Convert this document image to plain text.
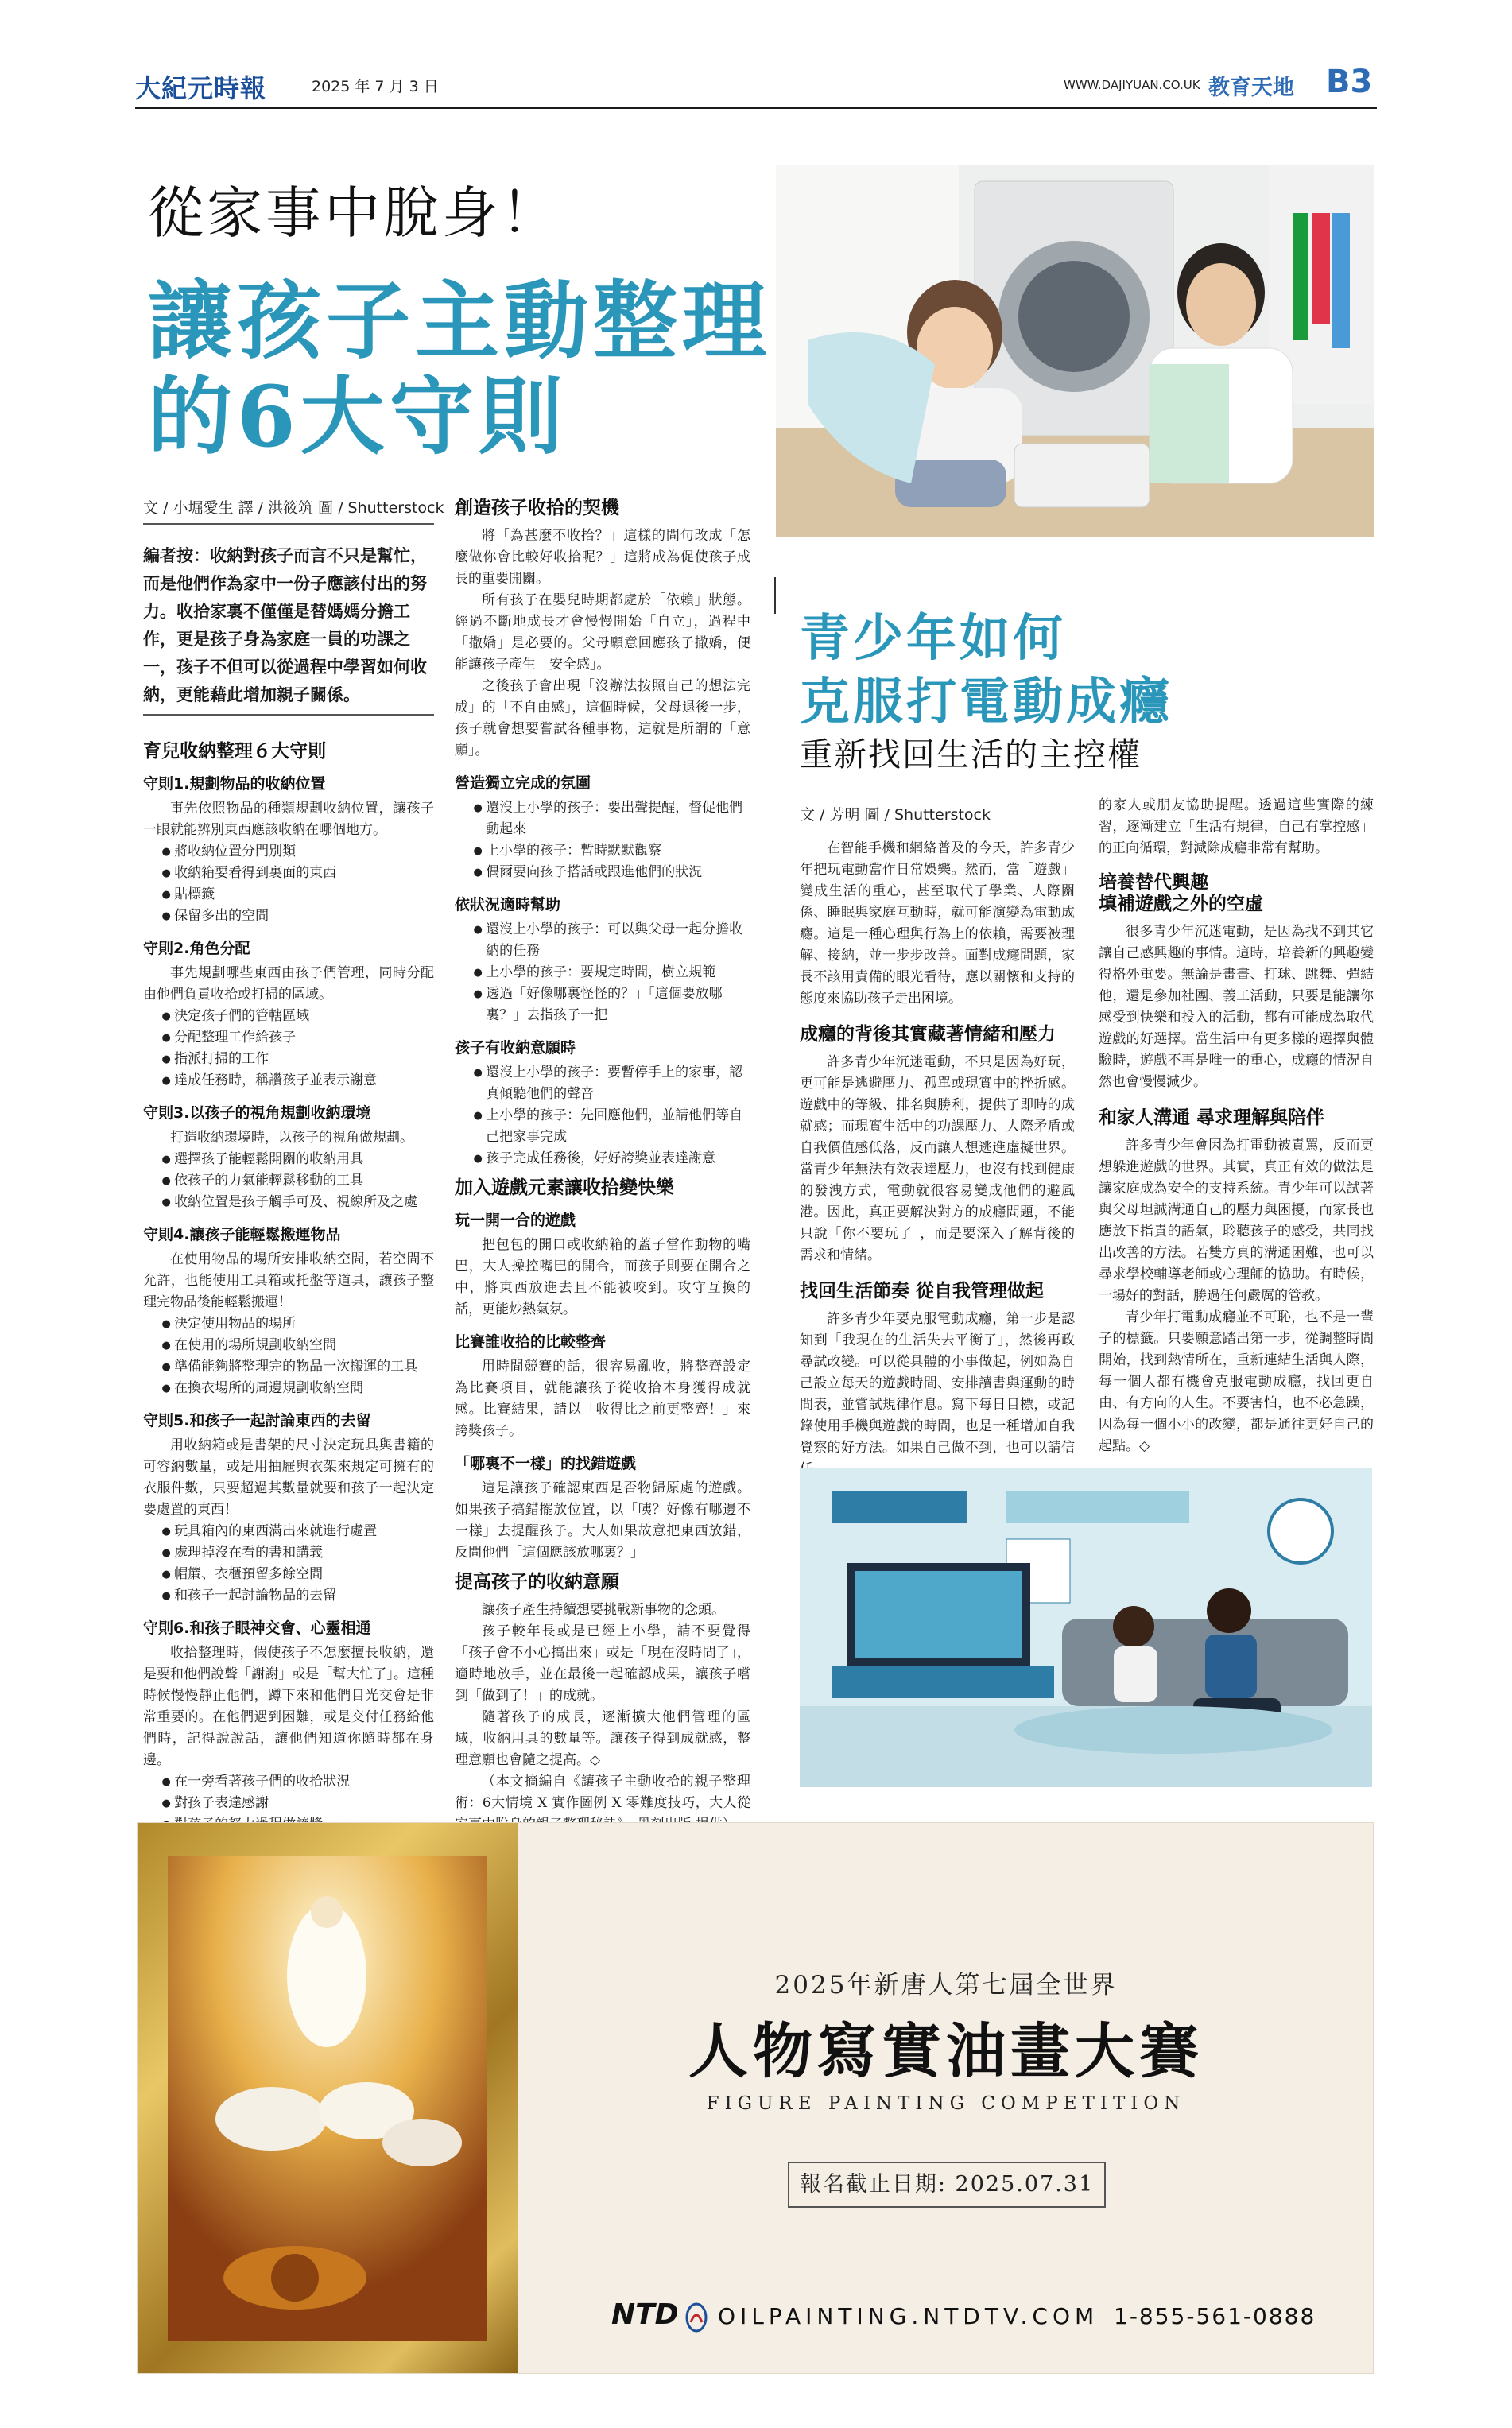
大紀元時報	2025 年 7 月 3 日	WWW.DAJIYUAN.CO.UK 教育天地 B3
從家事中脫身！
讓孩子主動整理
的6大守則
文 / 小堀愛生 譯 / 洪筱筑 圖 / Shutterstock
編者按：收納對孩子而言不只是幫忙，而是他們作為家中一份子應該付出的努力。收拾家裏不僅僅是替媽媽分擔工作，更是孩子身為家庭一員的功課之一，孩子不但可以從過程中學習如何收納，更能藉此增加親子關係。
育兒收納整理６大守則
守則1.規劃物品的收納位置

事先依照物品的種類規劃收納位置，讓孩子一眼就能辨別東西應該收納在哪個地方。

● 將收納位置分門別類
● 收納箱要看得到裏面的東西
● 貼標籤
● 保留多出的空間
守則2.角色分配

事先規劃哪些東西由孩子們管理，同時分配由他們負責收拾或打掃的區域。

● 決定孩子們的管轄區域
● 分配整理工作給孩子
● 指派打掃的工作
● 達成任務時，稱讚孩子並表示謝意
守則3.以孩子的視角規劃收納環境

打造收納環境時，以孩子的視角做規劃。

● 選擇孩子能輕鬆開關的收納用具
● 依孩子的力氣能輕鬆移動的工具
● 收納位置是孩子觸手可及、視線所及之處
守則4.讓孩子能輕鬆搬運物品

在使用物品的場所安排收納空間，若空間不允許，也能使用工具箱或托盤等道具，讓孩子整理完物品後能輕鬆搬運！

● 決定使用物品的場所
● 在使用的場所規劃收納空間
● 準備能夠將整理完的物品一次搬運的工具
● 在換衣場所的周邊規劃收納空間
守則5.和孩子一起討論東西的去留

用收納箱或是書架的尺寸決定玩具與書籍的可容納數量，或是用抽屜與衣架來規定可擁有的衣服件數，只要超過其數量就要和孩子一起決定要處置的東西！

● 玩具箱內的東西滿出來就進行處置
● 處理掉沒在看的書和講義
● 帽簾、衣櫃預留多餘空間
● 和孩子一起討論物品的去留
守則6.和孩子眼神交會、心靈相通

收拾整理時，假使孩子不怎麼擅長收納，還是要和他們說聲「謝謝」或是「幫大忙了」。這種時候慢慢靜止他們，蹲下來和他們目光交會是非常重要的。在他們遇到困難，或是交付任務給他們時，記得說說話，讓他們知道你隨時都在身邊。

● 在一旁看著孩子們的收拾狀況
● 對孩子表達感謝
●
●
創造孩子收拾的契機

將「為甚麼不收拾？」這樣的問句改成「怎麼做你會比較好收拾呢？」這將成為促使孩子成長的重要開關。

所有孩子在嬰兒時期都處於「依賴」狀態。經過不斷地成長才會慢慢開始「自立」，過程中「撒嬌」是必要的。父母願意回應孩子撒嬌，便能讓孩子產生「安全感」。

之後孩子會出現「沒辦法按照自己的想法完成」的「不自由感」，這個時候，父母退後一步，孩子就會想要嘗試各種事物，這就是所謂的「意願」。

營造獨立完成的氛圍
● 還沒上小學的孩子：要出聲提醒，督促他們動起來
● 上小學的孩子：暫時默默觀察
● 偶爾要向孩子搭話或跟進他們的狀況
依狀況適時幫助
● 還沒上小學的孩子：可以與父母一起分擔收納的任務
● 上小學的孩子：要規定時間，樹立規範
● 透過「好像哪裏怪怪的？」「這個要放哪裏？」去指孩子一把
孩子有收納意願時
● 還沒上小學的孩子：要暫停手上的家事，認真傾聽他們的聲音
● 上小學的孩子：先回應他們，並請他們等自己把家事完成
● 孩子完成任務後，好好誇獎並表達謝意
加入遊戲元素讓收拾變快樂
玩一開一合的遊戲

把包包的開口或收納箱的蓋子當作動物的嘴巴，大人操控嘴巴的開合，而孩子則要在開合之中，將東西放進去且不能被咬到。攻守互換的話，更能炒熱氣氛。

比賽誰收拾的比較整齊

用時間競賽的話，很容易亂收，將整齊設定為比賽項目，就能讓孩子從收拾本身獲得成就感。比賽結果，請以「收得比之前更整齊！」來誇獎孩子。

「哪裏不一樣」的找錯遊戲

這是讓孩子確認東西是否物歸原處的遊戲。如果孩子搞錯擺放位置，以「咦？好像有哪邊不一樣」去提醒孩子。大人如果故意把東西放錯，反問他們「這個應該放哪裏？」

提高孩子的收納意願

讓孩子產生持續想要挑戰新事物的念頭。

孩子較年長或是已經上小學，請不要覺得「孩子會不小心搞出來」或是「現在沒時間了」，適時地放手，並在最後一起確認成果，讓孩子嚐到「做到了！」的成就。

隨著孩子的成長，逐漸擴大他們管理的區域，收納用具的數量等。讓孩子得到成就感，整理意願也會隨之提高。◇

（本文摘編自《讓孩子主動收拾的親子整理術：6大情境 X 實作圖例 X 零難度技巧，大人從

青少年如何
克服打電動成癮
重新找回生活的主控權
文 / 芳明 圖 / Shutterstock

在智能手機和網絡普及的今天，許多青少年把玩電動當作日常娛樂。然而，當「遊戲」變成生活的重心，甚至取代了學業、人際關係、睡眠與家庭互動時，就可能演變為電動成癮。這是一種心理與行為上的依賴，需要被理解、接納，並一步步改善。面對成癮問題，家長不該用責備的眼光看待，應以關懷和支持的態度來協助孩子走出困境。

成癮的背後其實藏著情緒和壓力

許多青少年沉迷電動，不只是因為好玩，更可能是逃避壓力、孤單或現實中的挫折感。遊戲中的等級、排名與勝利，提供了即時的成就感；而現實生活中的功課壓力、人際矛盾或自我價值感低落，反而讓人想逃進虛擬世界。當青少年無法有效表達壓力，也沒有找到健康的發洩方式，電動就很容易變成他們的避風港。因此，真正要解決對方的成癮問題，不能只說「你不要玩了」，而是要深入了解背後的需求和情緒。

找回生活節奏 從自我管理做起

許多青少年要克服電動成癮，第一步是認知到「我現在的生活失去平衡了」，然後再政尋試改變。可以從具體的小事做起，例如為自己設立每天的遊戲時間、安排讀書與運動的時間表，並嘗試規律作息。寫下每日目標，或記錄使用手機與遊戲的時間，也是一種增加自我覺察的好方法。如果自己做不到，也可以請信

的家人或朋友協助提醒。透過這些實際的練習，逐漸建立「生活有規律，自己有掌控感」的正向循環，對減除成癮非常有幫助。

培養替代興趣
填補遊戲之外的空虛

很多青少年沉迷電動，是因為找不到其它讓自己感興趣的事情。這時，培養新的興趣變得格外重要。無論是畫畫、打球、跳舞、彈結他，還是參加社團、義工活動，只要是能讓你感受到快樂和投入的活動，都有可能成為取代遊戲的好選擇。當生活中有更多樣的選擇與體驗時，遊戲不再是唯一的重心，成癮的情況自然也會慢慢減少。

和家人溝通 尋求理解與陪伴

許多青少年會因為打電動被責罵，反而更想躲進遊戲的世界。其實，真正有效的做法是讓家庭成為安全的支持系統。青少年可以試著與父母坦誠溝通自己的壓力與困擾，而家長也應放下指責的語氣，聆聽孩子的感受，共同找出改善的方法。若雙方真的溝通困難，也可以尋求學校輔導老師或心理師的協助。有時候，一場好的對話，勝過任何嚴厲的管教。

青少年打電動成癮並不可恥，也不是一輩子的標籤。只要願意踏出第一步，從調整時間開始，找到熱情所在，重新連結生活與人際，每一個人都有機會克服電動成癮，找回更自由、有方向的人生。不要害怕，也不必急躁，因為每一個小小的改變，都是通往更好自己的起點。◇

2025年新唐人第七屆全世界
人物寫實油畫大賽
FIGURE PAINTING COMPETITION
報名截止日期: 2025.07.31
NTD OILPAINTING.NTDTV.COM 1-855-561-0888
